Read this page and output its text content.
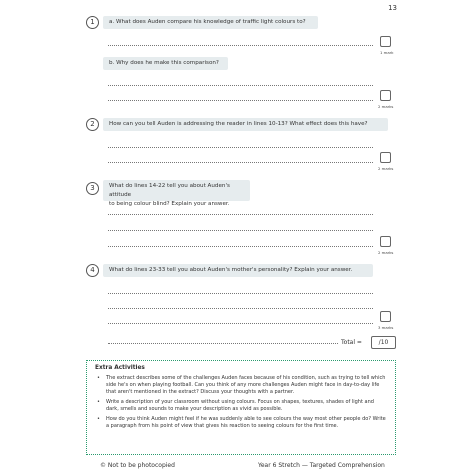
13
1	a. What does Auden compare his knowledge of traffic light colours to?
1 mark
b. Why does he make this comparison?
2 marks
2	How can you tell Auden is addressing the reader in lines 10-13? What effect does this have?
2 marks
3	What do lines 14-22 tell you about Auden's attitude
to being colour blind? Explain your answer.
2 marks
4	What do lines 23-33 tell you about Auden's mother's personality? Explain your answer.
3 marks
Total =	/10
Extra Activities
• The extract describes some of the challenges Auden faces because of his condition, such as trying to tell which side he's on when playing football. Can you think of any more challenges Auden might face in day-to-day life that aren't mentioned in the extract? Discuss your thoughts with a partner.
• Write a description of your classroom without using colours. Focus on shapes, textures, shades of light and dark, smells and sounds to make your description as vivid as possible.
• How do you think Auden might feel if he was suddenly able to see colours the way most other people do? Write a paragraph from his point of view that gives his reaction to seeing colours for the first time.
© Not to be photocopied	Year 6 Stretch — Targeted Comprehension
